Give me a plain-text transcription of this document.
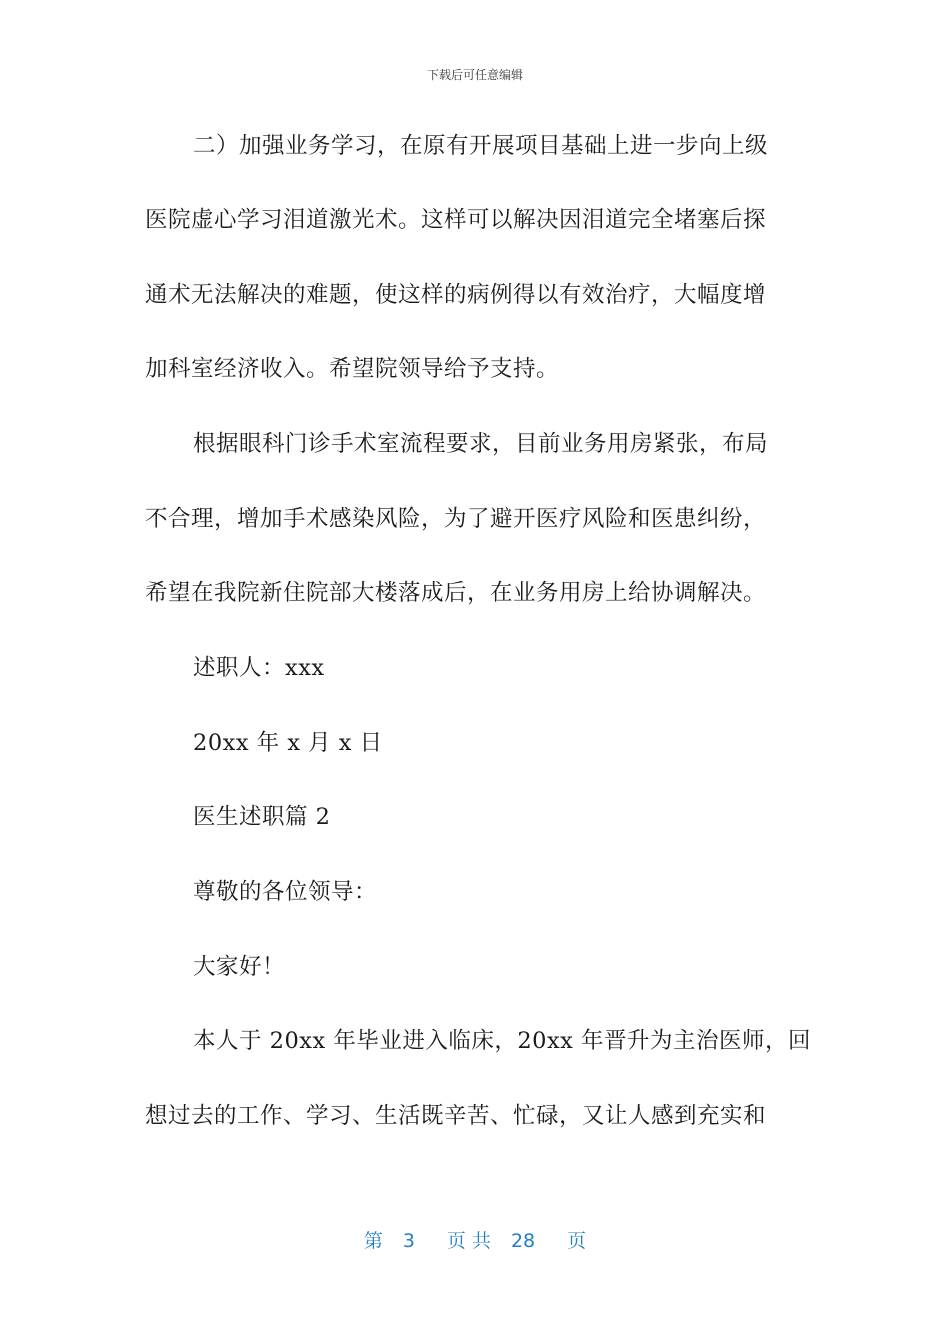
下载后可任意编辑
二）加强业务学习，在原有开展项目基础上进一步向上级
医院虚心学习泪道激光术。这样可以解决因泪道完全堵塞后探
通术无法解决的难题，使这样的病例得以有效治疗，大幅度增
加科室经济收入。希望院领导给予支持。
根据眼科门诊手术室流程要求，目前业务用房紧张，布局
不合理，增加手术感染风险，为了避开医疗风险和医患纠纷，
希望在我院新住院部大楼落成后，在业务用房上给协调解决。
述职人：xxx
20xx 年 x 月 x 日
医生述职篇 2
尊敬的各位领导：
大家好！
本人于 20xx 年毕业进入临床，20xx 年晋升为主治医师，回
想过去的工作、学习、生活既辛苦、忙碌，又让人感到充实和
第 3 页 共 28 页
